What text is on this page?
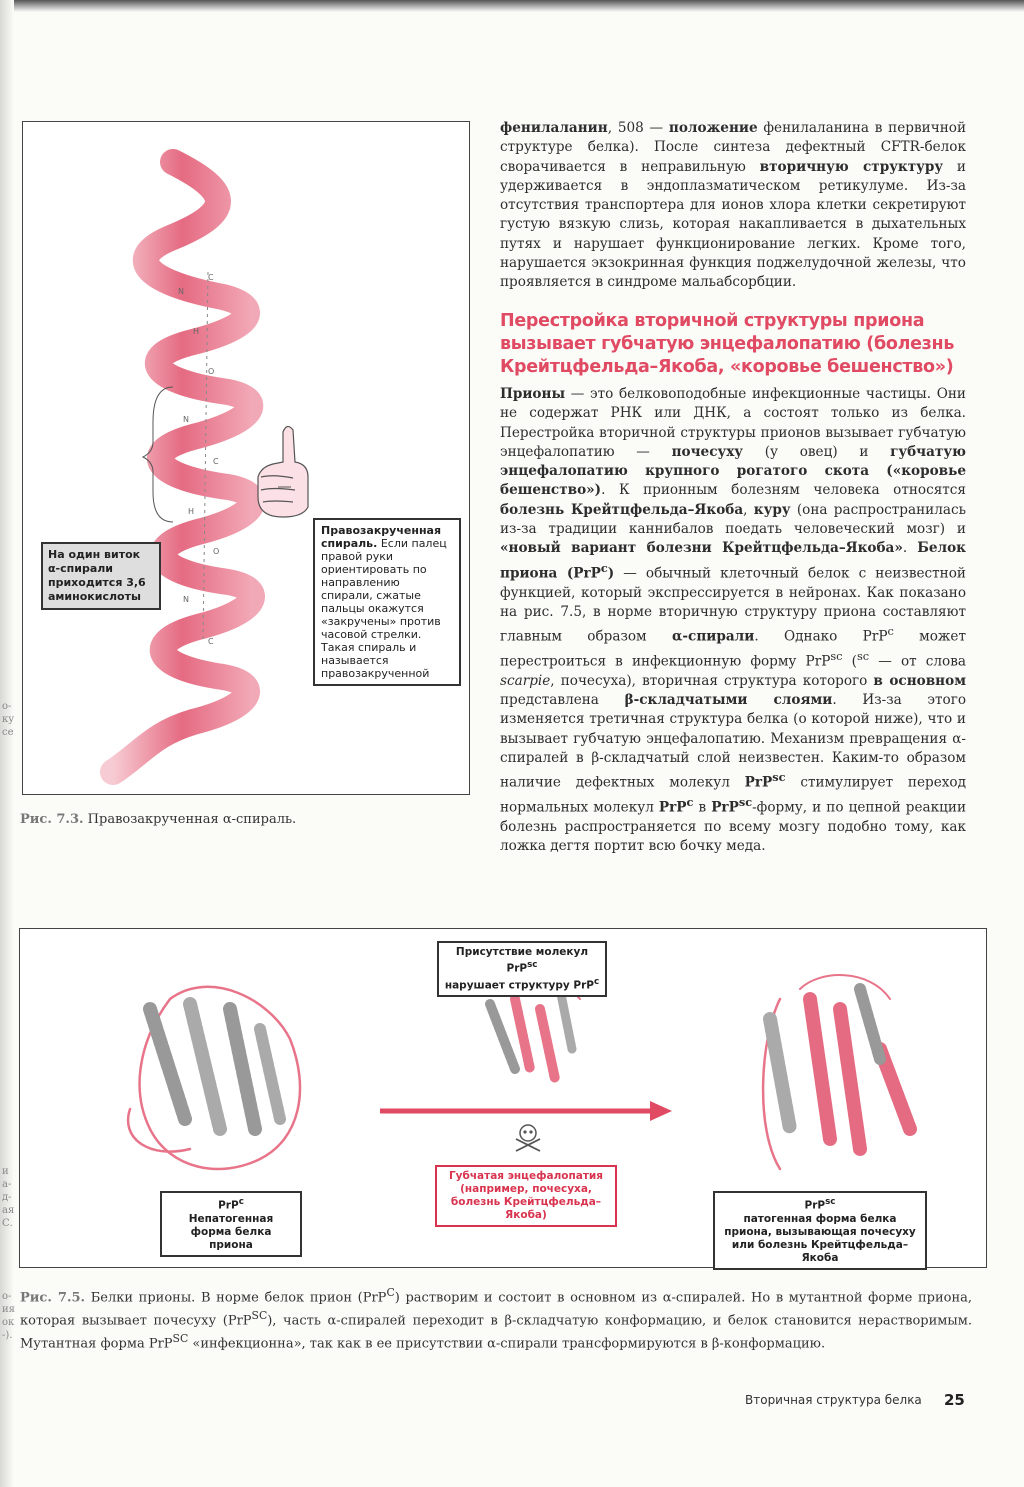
о-
ку
се
и
а-
д-
ая
С.
о-
ия
ок
-).
N
C
H
O
N
C
H
O
N
C
На один виток α-спирали приходится 3,6 аминокислоты
Правозакрученная спираль. Если палец правой руки ориентировать по направлению спирали, сжатые пальцы окажутся «закручены» против часовой стрелки. Такая спираль и называется правозакрученной
Рис. 7.3. Правозакрученная α-спираль.
фенилаланин, 508 — положение фенилаланина в первичной структуре белка). После синтеза дефектный CFTR-белок сворачивается в неправильную вторичную структуру и удерживается в эндоплазматическом ретикулуме. Из-за отсутствия транспортера для ионов хлора клетки секретируют густую вязкую слизь, которая накапливается в дыхательных путях и нарушает функционирование легких. Кроме того, нарушается экзокринная функция поджелудочной железы, что проявляется в синдроме мальабсорбции.
Перестройка вторичной структуры приона вызывает губчатую энцефалопатию (болезнь Крейтцфельда–Якоба, «коровье бешенство»)
Прионы — это белковоподобные инфекционные частицы. Они не содержат РНК или ДНК, а состоят только из белка. Перестройка вторичной структуры прионов вызывает губчатую энцефалопатию — почесуху (у овец) и губчатую энцефалопатию крупного рогатого скота («коровье бешенство»). К прионным болезням человека относятся болезнь Крейтцфельда–Якоба, куру (она распространилась из-за традиции каннибалов поедать человеческий мозг) и «новый вариант болезни Крейтцфельда–Якоба». Белок приона (PrP$^c$) — обычный клеточный белок с неизвестной функцией, который экспрессируется в нейронах. Как показано на рис. 7.5, в норме вторичную структуру приона составляют главным образом α-спирали. Однако PrP$^c$ может перестроиться в инфекционную форму PrP$^{sc}$ ($^{sc}$ — от слова scarpie, почесуха), вторичная структура которого в основном представлена β-складчатыми слоями. Из-за этого изменяется третичная структура белка (о которой ниже), что и вызывает губчатую энцефалопатию. Механизм превращения α-спиралей в β-складчатый слой неизвестен. Каким-то образом наличие дефектных молекул PrP$^{sc}$ стимулирует переход нормальных молекул PrP$^c$ в PrP$^{sc}$-форму, и по цепной реакции болезнь распространяется по всему мозгу подобно тому, как ложка дегтя портит всю бочку меда.
Присутствие молекул PrP$^{sc}$
нарушает структуру PrP$^c$
Губчатая энцефалопатия (например, почесуха, болезнь Крейтцфельда–Якоба)
PrP$^c$
Непатогенная форма белка приона
PrP$^{sc}$
патогенная форма белка приона, вызывающая почесуху или болезнь Крейтцфельда–Якоба
Рис. 7.5. Белки прионы. В норме белок прион (PrP$^C$) растворим и состоит в основном из α-спиралей. Но в мутантной форме приона, которая вызывает почесуху (PrP$^{SC}$), часть α-спиралей переходит в β-складчатую конформацию, и белок становится нерастворимым. Мутантная форма PrP$^{SC}$ «инфекционна», так как в ее присутствии α-спирали трансформируются в β-конформацию.
Вторичная структура белка 25
